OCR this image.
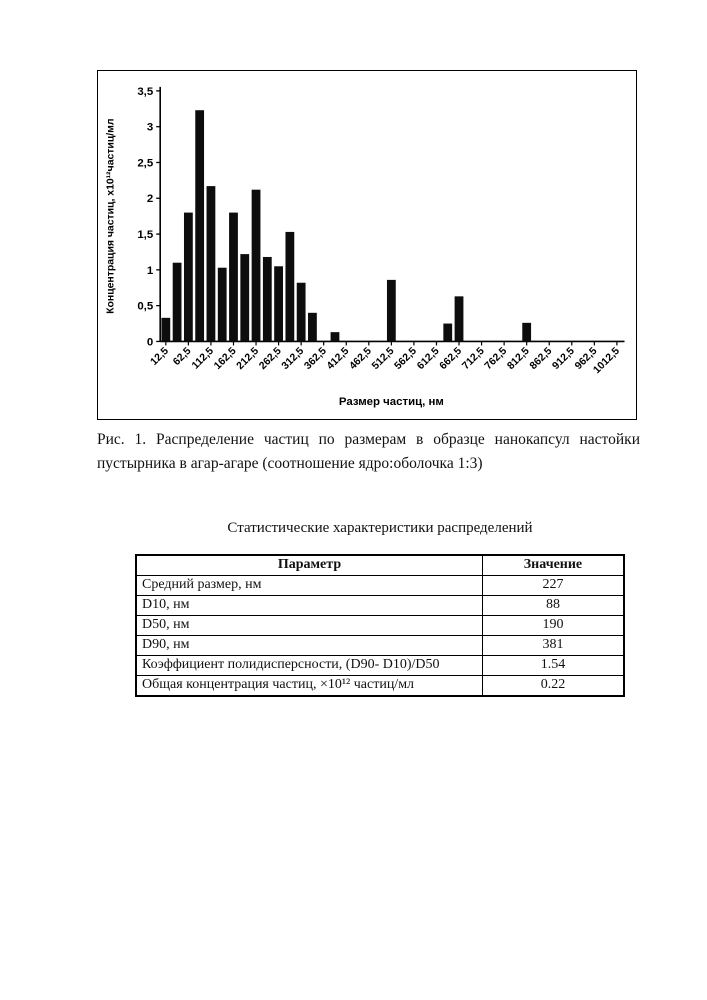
0
0,5
1
1,5
2
2,5
3
3,5
12,5 62,5
112,5
162,5
212,5
262,5
312,5
362,5
412,5
462,5
512,5
562,5
612,5
662,5
712,5
762,5
812,5
862,5
912,5
962,5
1012,5
Концентрация частиц, х10¹²частиц/мл
Размер частиц, нм

Рис. 1. Распределение частиц по размерам в образце нанокапсул настойки пустырника в агар-агаре (соотношение ядро:оболочка 1:3)

Статистические характеристики распределений
Параметр	Значение
Средний размер, нм	227
D10, нм	88
D50, нм	190
D90, нм	381
Коэффициент полидисперсности, (D90- D10)/D50	1.54
Общая концентрация частиц, ×10¹² частиц/мл	0.22
